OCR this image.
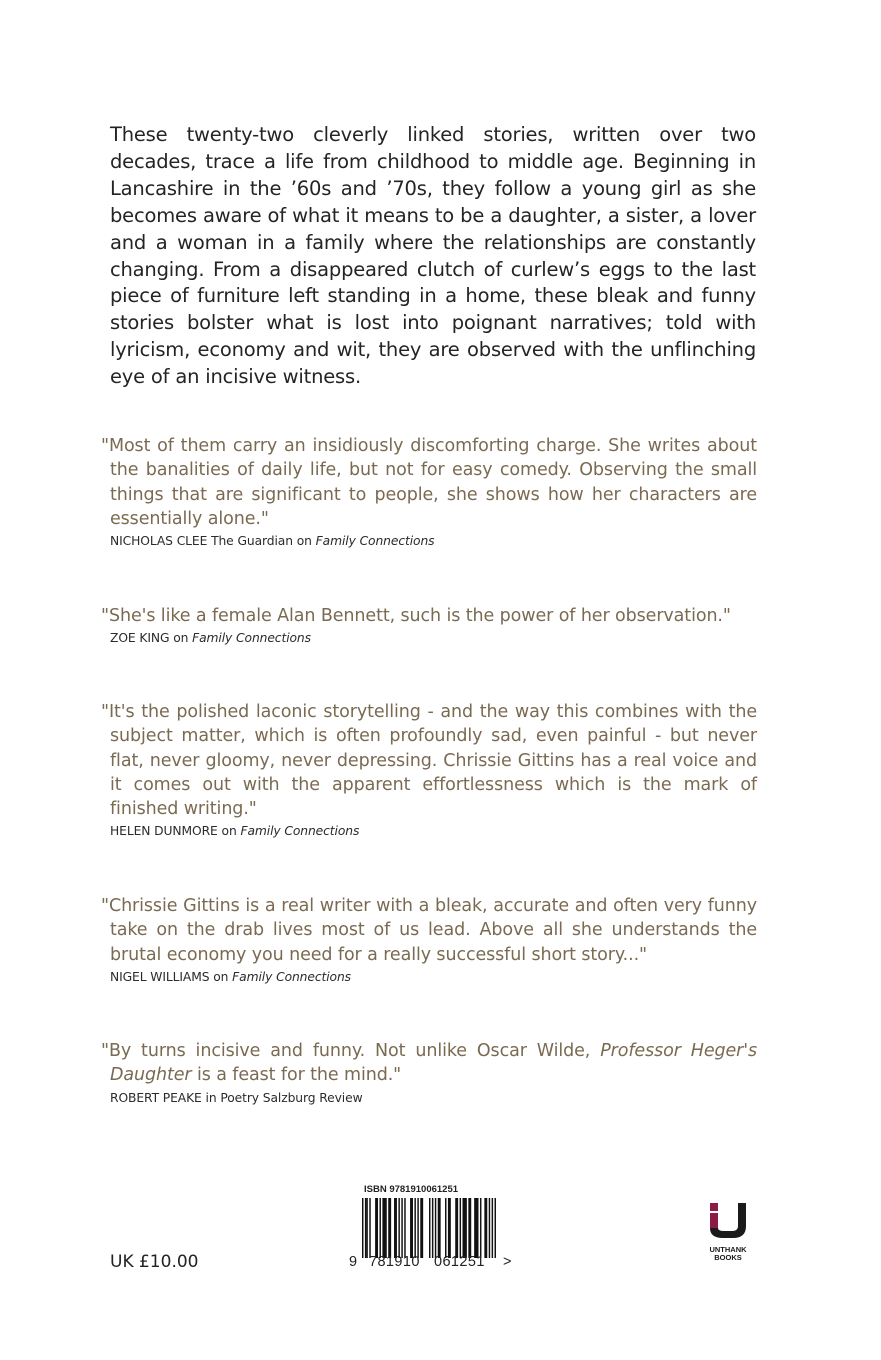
These twenty-two cleverly linked stories, written over two decades, trace a life from childhood to middle age. Beginning in Lancashire in the ’60s and ’70s, they follow a young girl as she becomes aware of what it means to be a daughter, a sister, a lover and a woman in a family where the relationships are constantly changing. From a disappeared clutch of curlew’s eggs to the last piece of furniture left standing in a home, these bleak and funny stories bolster what is lost into poignant narratives; told with lyricism, economy and wit, they are observed with the unflinching eye of an incisive witness.

"Most of them carry an insidiously discomforting charge. She writes about the banalities of daily life, but not for easy comedy. Observing the small things that are significant to people, she shows how her characters are essentially alone."

NICHOLAS CLEE The Guardian on Family Connections

"She's like a female Alan Bennett, such is the power of her observation."

ZOE KING on Family Connections

"It's the polished laconic storytelling - and the way this combines with the subject matter, which is often profoundly sad, even painful - but never flat, never gloomy, never depressing. Chrissie Gittins has a real voice and it comes out with the apparent effortlessness which is the mark of finished writing."

HELEN DUNMORE on Family Connections

"Chrissie Gittins is a real writer with a bleak, accurate and often very funny take on the drab lives most of us lead. Above all she understands the brutal economy you need for a really successful short story..."

NIGEL WILLIAMS on Family Connections

"By turns incisive and funny. Not unlike Oscar Wilde, Professor Heger's Daughter is a feast for the mind."

ROBERT PEAKE in Poetry Salzburg Review
UK £10.00
ISBN 9781910061251
9 781910 061251 >
UNTHANK
BOOKS
